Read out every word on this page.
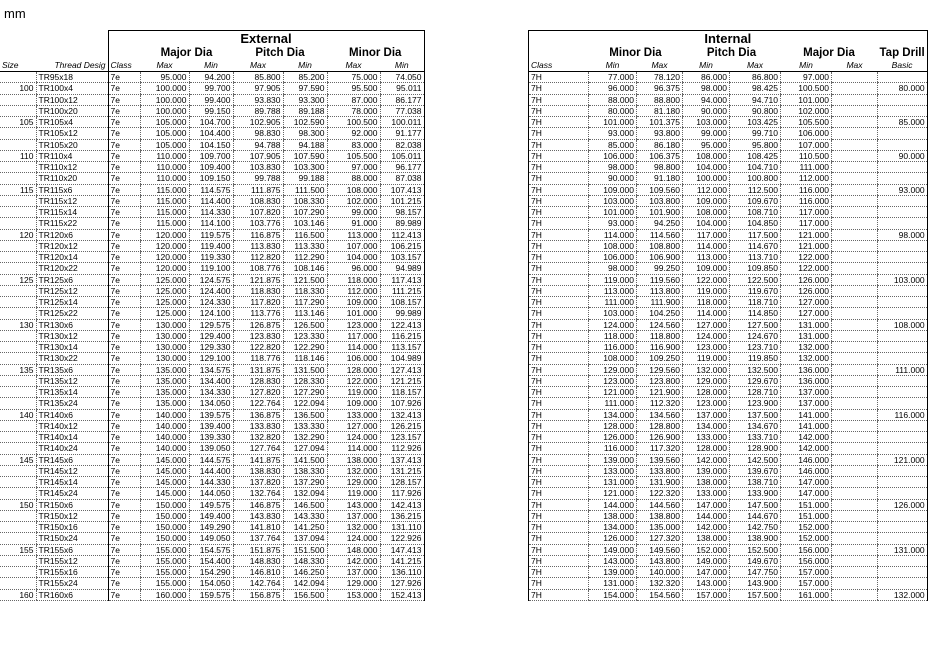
mm
		External						
			Major Dia		Pitch Dia		Minor Dia	
Size	Thread Desig	Class	Max	Min	Max	Min	Max	Min
	TR95x18	7e	95.000	94.200	85.800	85.200	75.000	74.050
100	TR100x4	7e	100.000	99.700	97.905	97.590	95.500	95.011
	TR100x12	7e	100.000	99.400	93.830	93.300	87.000	86.177
	TR100x20	7e	100.000	99.150	89.788	89.188	78.000	77.038
105	TR105x4	7e	105.000	104.700	102.905	102.590	100.500	100.011
	TR105x12	7e	105.000	104.400	98.830	98.300	92.000	91.177
	TR105x20	7e	105.000	104.150	94.788	94.188	83.000	82.038
110	TR110x4	7e	110.000	109.700	107.905	107.590	105.500	105.011
	TR110x12	7e	110.000	109.400	103.830	103.300	97.000	96.177
	TR110x20	7e	110.000	109.150	99.788	99.188	88.000	87.038
115	TR115x6	7e	115.000	114.575	111.875	111.500	108.000	107.413
	TR115x12	7e	115.000	114.400	108.830	108.330	102.000	101.215
	TR115x14	7e	115.000	114.330	107.820	107.290	99.000	98.157
	TR115x22	7e	115.000	114.100	103.776	103.146	91.000	89.989
120	TR120x6	7e	120.000	119.575	116.875	116.500	113.000	112.413
	TR120x12	7e	120.000	119.400	113.830	113.330	107.000	106.215
	TR120x14	7e	120.000	119.330	112.820	112.290	104.000	103.157
	TR120x22	7e	120.000	119.100	108.776	108.146	96.000	94.989
125	TR125x6	7e	125.000	124.575	121.875	121.500	118.000	117.413
	TR125x12	7e	125.000	124.400	118.830	118.330	112.000	111.215
	TR125x14	7e	125.000	124.330	117.820	117.290	109.000	108.157
	TR125x22	7e	125.000	124.100	113.776	113.146	101.000	99.989
130	TR130x6	7e	130.000	129.575	126.875	126.500	123.000	122.413
	TR130x12	7e	130.000	129.400	123.830	123.330	117.000	116.215
	TR130x14	7e	130.000	129.330	122.820	122.290	114.000	113.157
	TR130x22	7e	130.000	129.100	118.776	118.146	106.000	104.989
135	TR135x6	7e	135.000	134.575	131.875	131.500	128.000	127.413
	TR135x12	7e	135.000	134.400	128.830	128.330	122.000	121.215
	TR135x14	7e	135.000	134.330	127.820	127.290	119.000	118.157
	TR135x24	7e	135.000	134.050	122.764	122.094	109.000	107.926
140	TR140x6	7e	140.000	139.575	136.875	136.500	133.000	132.413
	TR140x12	7e	140.000	139.400	133.830	133.330	127.000	126.215
	TR140x14	7e	140.000	139.330	132.820	132.290	124.000	123.157
	TR140x24	7e	140.000	139.050	127.764	127.094	114.000	112.926
145	TR145x6	7e	145.000	144.575	141.875	141.500	138.000	137.413
	TR145x12	7e	145.000	144.400	138.830	138.330	132.000	131.215
	TR145x14	7e	145.000	144.330	137.820	137.290	129.000	128.157
	TR145x24	7e	145.000	144.050	132.764	132.094	119.000	117.926
150	TR150x6	7e	150.000	149.575	146.875	146.500	143.000	142.413
	TR150x12	7e	150.000	149.400	143.830	143.330	137.000	136.215
	TR150x16	7e	150.000	149.290	141.810	141.250	132.000	131.110
	TR150x24	7e	150.000	149.050	137.764	137.094	124.000	122.926
155	TR155x6	7e	155.000	154.575	151.875	151.500	148.000	147.413
	TR155x12	7e	155.000	154.400	148.830	148.330	142.000	141.215
	TR155x16	7e	155.000	154.290	146.810	146.250	137.000	136.110
	TR155x24	7e	155.000	154.050	142.764	142.094	129.000	127.926
160	TR160x6	7e	160.000	159.575	156.875	156.500	153.000	152.413
Internal							
	Minor Dia		Pitch Dia		Major Dia		Tap Drill
Class	Min	Max	Min	Max	Min	Max	Basic
7H	77.000	78.120	86.000	86.800	97.000		
7H	96.000	96.375	98.000	98.425	100.500		80.000
7H	88.000	88.800	94.000	94.710	101.000		
7H	80.000	81.180	90.000	90.800	102.000		
7H	101.000	101.375	103.000	103.425	105.500		85.000
7H	93.000	93.800	99.000	99.710	106.000		
7H	85.000	86.180	95.000	95.800	107.000		
7H	106.000	106.375	108.000	108.425	110.500		90.000
7H	98.000	98.800	104.000	104.710	111.000		
7H	90.000	91.180	100.000	100.800	112.000		
7H	109.000	109.560	112.000	112.500	116.000		93.000
7H	103.000	103.800	109.000	109.670	116.000		
7H	101.000	101.900	108.000	108.710	117.000		
7H	93.000	94.250	104.000	104.850	117.000		
7H	114.000	114.560	117.000	117.500	121.000		98.000
7H	108.000	108.800	114.000	114.670	121.000		
7H	106.000	106.900	113.000	113.710	122.000		
7H	98.000	99.250	109.000	109.850	122.000		
7H	119.000	119.560	122.000	122.500	126.000		103.000
7H	113.000	113.800	119.000	119.670	126.000		
7H	111.000	111.900	118.000	118.710	127.000		
7H	103.000	104.250	114.000	114.850	127.000		
7H	124.000	124.560	127.000	127.500	131.000		108.000
7H	118.000	118.800	124.000	124.670	131.000		
7H	116.000	116.900	123.000	123.710	132.000		
7H	108.000	109.250	119.000	119.850	132.000		
7H	129.000	129.560	132.000	132.500	136.000		111.000
7H	123.000	123.800	129.000	129.670	136.000		
7H	121.000	121.900	128.000	128.710	137.000		
7H	111.000	112.320	123.000	123.900	137.000		
7H	134.000	134.560	137.000	137.500	141.000		116.000
7H	128.000	128.800	134.000	134.670	141.000		
7H	126.000	126.900	133.000	133.710	142.000		
7H	116.000	117.320	128.000	128.900	142.000		
7H	139.000	139.560	142.000	142.500	146.000		121.000
7H	133.000	133.800	139.000	139.670	146.000		
7H	131.000	131.900	138.000	138.710	147.000		
7H	121.000	122.320	133.000	133.900	147.000		
7H	144.000	144.560	147.000	147.500	151.000		126.000
7H	138.000	138.800	144.000	144.670	151.000		
7H	134.000	135.000	142.000	142.750	152.000		
7H	126.000	127.320	138.000	138.900	152.000		
7H	149.000	149.560	152.000	152.500	156.000		131.000
7H	143.000	143.800	149.000	149.670	156.000		
7H	139.000	140.000	147.000	147.750	157.000		
7H	131.000	132.320	143.000	143.900	157.000		
7H	154.000	154.560	157.000	157.500	161.000		132.000
